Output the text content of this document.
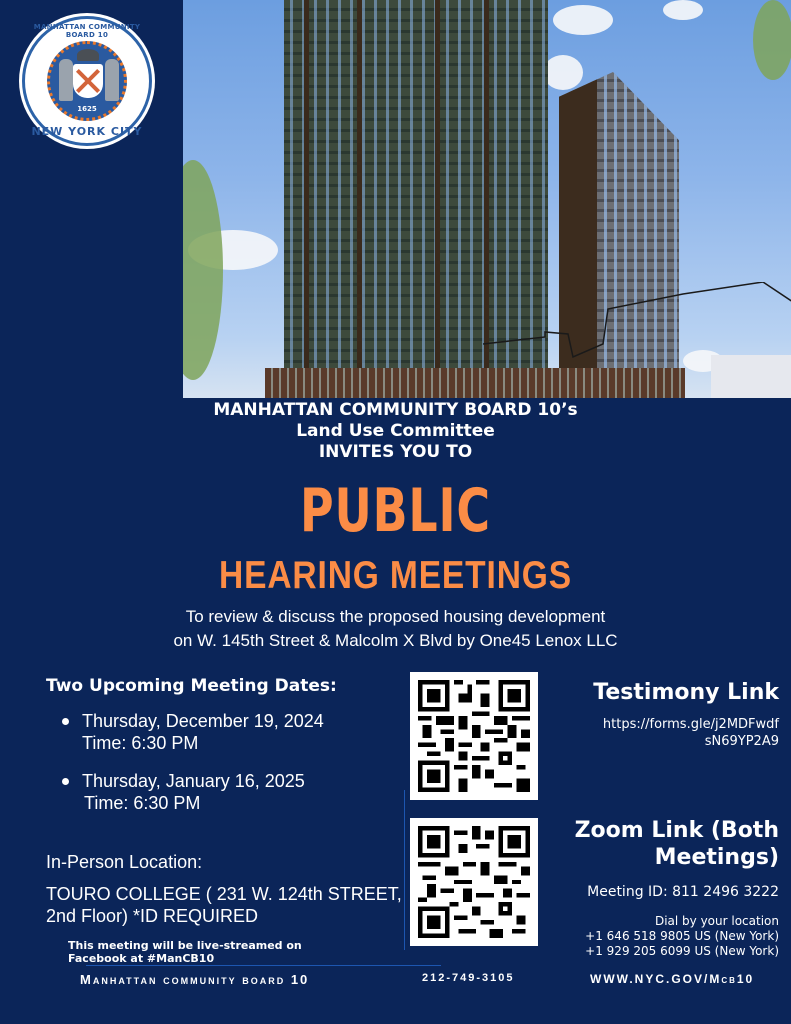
MANHATTAN COMMUNITY BOARD 10
1625
NEW YORK CITY
MANHATTAN COMMUNITY BOARD 10’s
Land Use Committee
INVITES YOU TO
PUBLIC
HEARING MEETINGS
To review & discuss the proposed housing development
on W. 145th Street & Malcolm X Blvd by One45 Lenox LLC
Two Upcoming Meeting Dates:
Thursday, December 19, 2024
Time: 6:30 PM
Thursday, January 16, 2025
Time: 6:30 PM
In-Person Location:
TOURO COLLEGE ( 231 W. 124th STREET, 2nd Floor) *ID REQUIRED
This meeting will be live-streamed on
Facebook at #ManCB10
Testimony Link
https://forms.gle/j2MDFwdf
sN69YP2A9
Zoom Link (Both
Meetings)
Meeting ID: 811 2496 3222
Dial by your location
+1 646 518 9805 US (New York)
+1 929 205 6099 US (New York)
Manhattan community board 10	212-749-3105	WWW.NYC.GOV/Mcb10
